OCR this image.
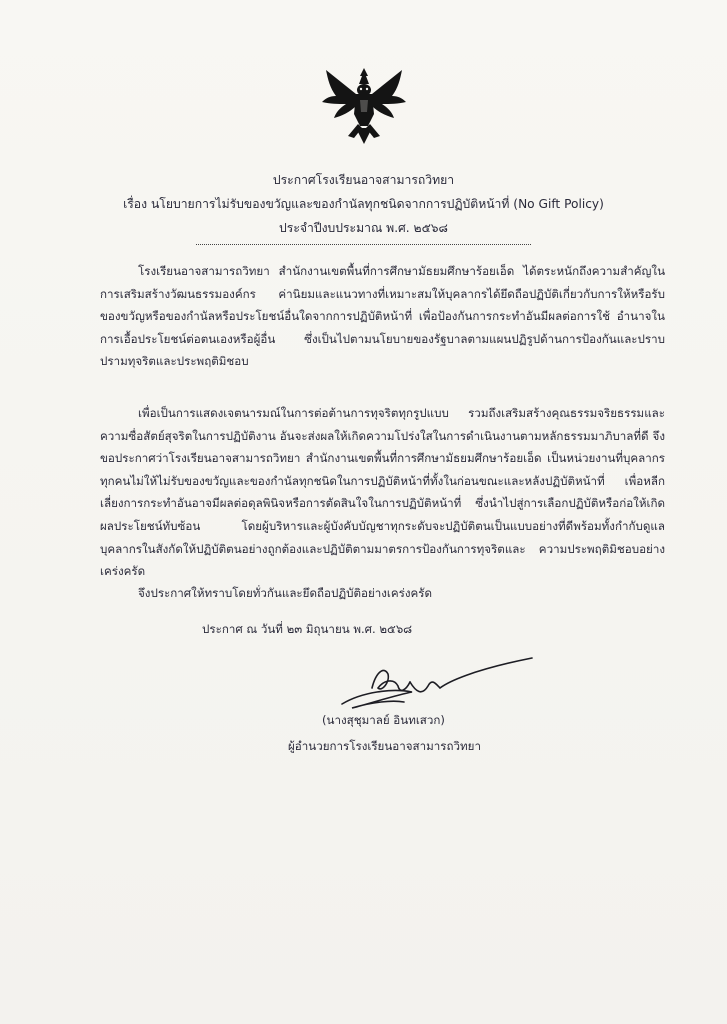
ประกาศโรงเรียนอาจสามารถวิทยา
เรื่อง นโยบายการไม่รับของขวัญและของกำนัลทุกชนิดจากการปฏิบัติหน้าที่ (No Gift Policy)
ประจำปีงบประมาณ พ.ศ. ๒๕๖๘
โรงเรียนอาจสามารถวิทยา สำนักงานเขตพื้นที่การศึกษามัธยมศึกษาร้อยเอ็ด ได้ตระหนักถึงความสำคัญในการเสริมสร้างวัฒนธรรมองค์กร ค่านิยมและแนวทางที่เหมาะสมให้บุคลากรได้ยึดถือปฏิบัติเกี่ยวกับการให้หรือรับของขวัญหรือของกำนัลหรือประโยชน์อื่นใดจากการปฏิบัติหน้าที่ เพื่อป้องกันการกระทำอันมีผลต่อการใช้ อำนาจในการเอื้อประโยชน์ต่อตนเองหรือผู้อื่น ซึ่งเป็นไปตามนโยบายของรัฐบาลตามแผนปฏิรูปด้านการป้องกันและปราบปรามทุจริตและประพฤติมิชอบ
เพื่อเป็นการแสดงเจตนารมณ์ในการต่อต้านการทุจริตทุกรูปแบบ รวมถึงเสริมสร้างคุณธรรมจริยธรรมและความซื่อสัตย์สุจริตในการปฏิบัติงาน อันจะส่งผลให้เกิดความโปร่งใสในการดำเนินงานตามหลักธรรมมาภิบาลที่ดี จึงขอประกาศว่าโรงเรียนอาจสามารถวิทยา สำนักงานเขตพื้นที่การศึกษามัธยมศึกษาร้อยเอ็ด เป็นหน่วยงานที่บุคลากรทุกคนไม่ให้ไม่รับของขวัญและของกำนัลทุกชนิดในการปฏิบัติหน้าที่ทั้งในก่อนขณะและหลังปฏิบัติหน้าที่ เพื่อหลีกเลี่ยงการกระทำอันอาจมีผลต่อดุลพินิจหรือการตัดสินใจในการปฏิบัติหน้าที่ ซึ่งนำไปสู่การเลือกปฏิบัติหรือก่อให้เกิดผลประโยชน์ทับซ้อน โดยผู้บริหารและผู้บังคับบัญชาทุกระดับจะปฏิบัติตนเป็นแบบอย่างที่ดีพร้อมทั้งกำกับดูแลบุคลากรในสังกัดให้ปฏิบัติตนอย่างถูกต้องและปฏิบัติตามมาตรการป้องกันการทุจริตและ ความประพฤติมิชอบอย่างเคร่งครัด
จึงประกาศให้ทราบโดยทั่วกันและยึดถือปฏิบัติอย่างเคร่งครัด
ประกาศ ณ วันที่ ๒๓ มิถุนายน พ.ศ. ๒๕๖๘
(นางสุชุมาลย์ อินทเสวก)
ผู้อำนวยการโรงเรียนอาจสามารถวิทยา
